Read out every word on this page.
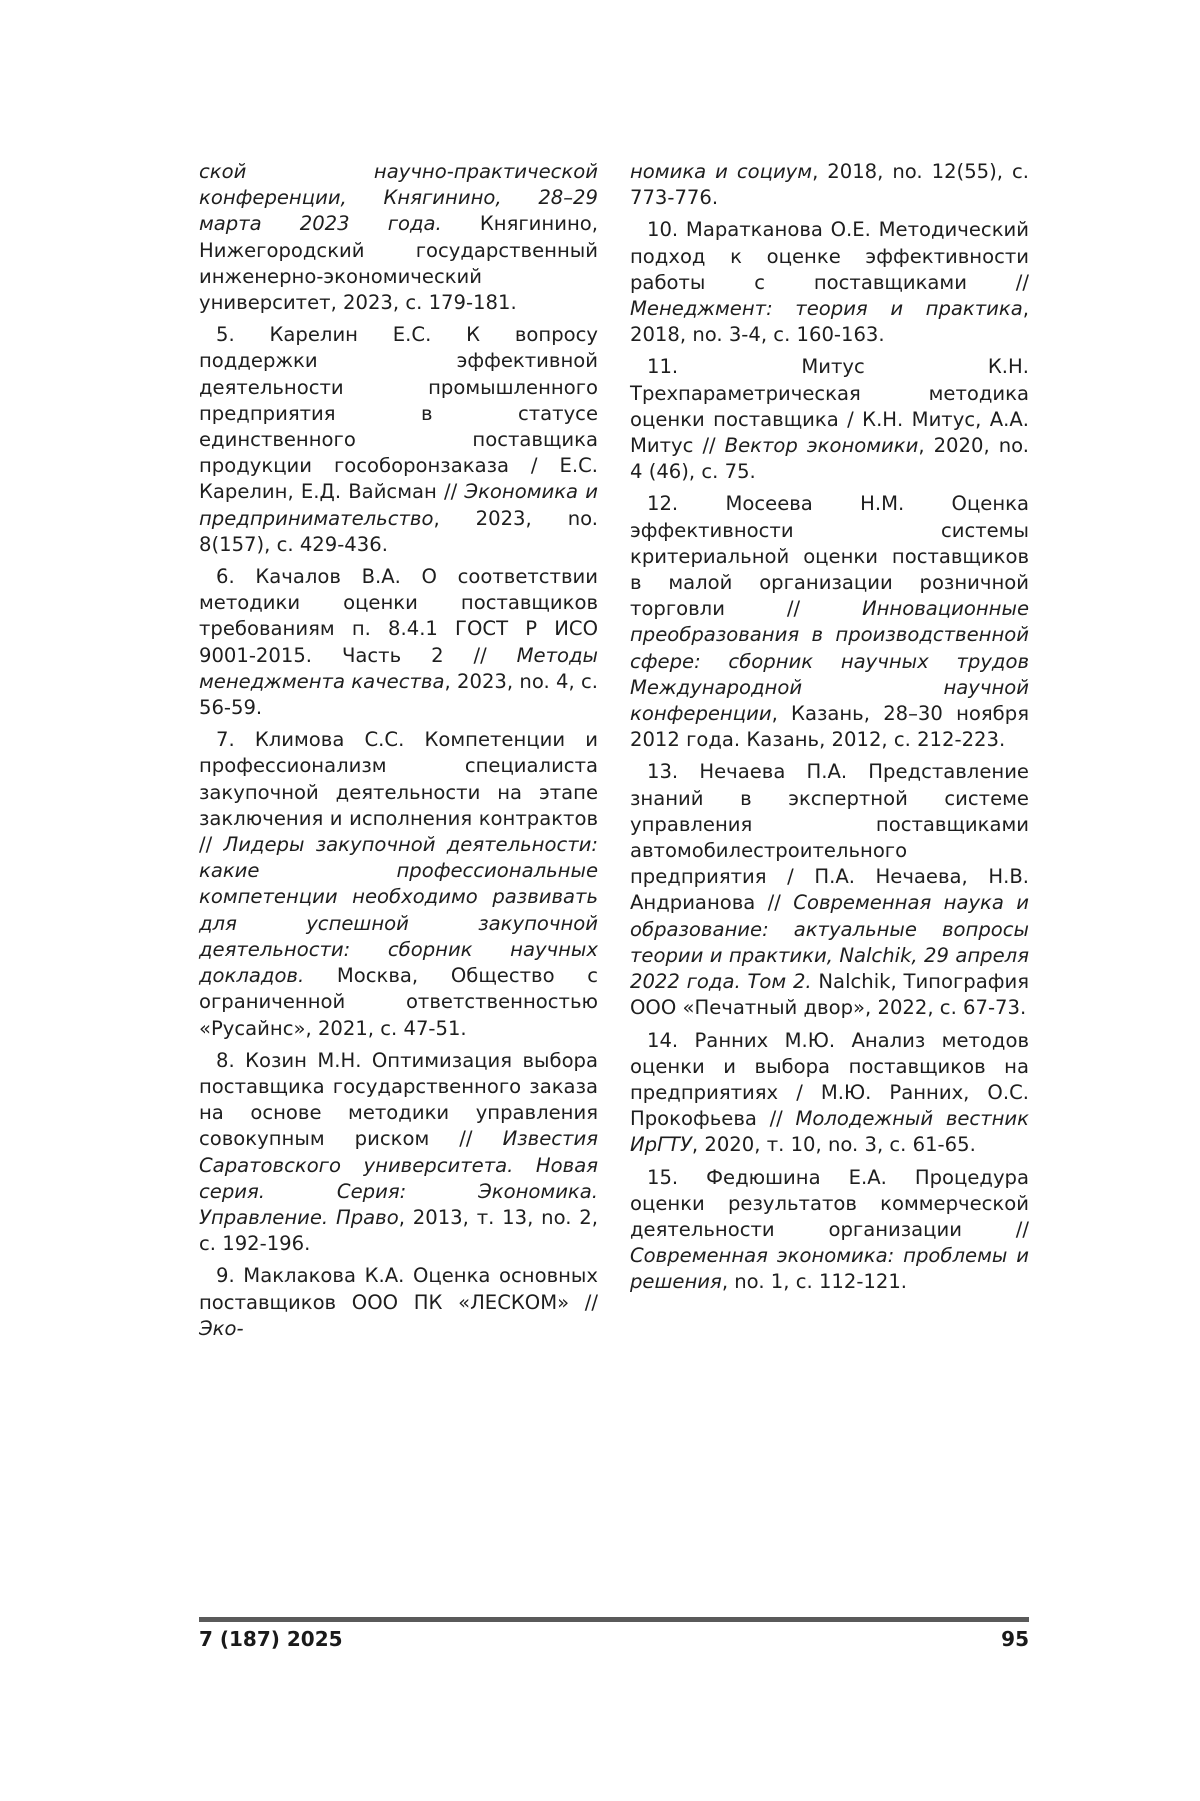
ской научно-практической конференции, Княгинино, 28–29 марта 2023 года. Княгинино, Нижегородский государственный инженерно-экономический университет, 2023, с. 179-181.

5. Карелин Е.С. К вопросу поддержки эффективной деятельности промышленного предприятия в статусе единственного поставщика продукции гособоронзаказа / Е.С. Карелин, Е.Д. Вайсман // Экономика и предпринимательство, 2023, no. 8(157), с. 429-436.

6. Качалов В.А. О соответствии методики оценки поставщиков требованиям п. 8.4.1 ГОСТ Р ИСО 9001-2015. Часть 2 // Методы менеджмента качества, 2023, no. 4, с. 56-59.

7. Климова С.С. Компетенции и профессионализм специалиста закупочной деятельности на этапе заключения и исполнения контрактов // Лидеры закупочной деятельности: какие профессиональные компетенции необходимо развивать для успешной закупочной деятельности: сборник научных докладов. Москва, Общество с ограниченной ответственностью «Русайнс», 2021, с. 47-51.

8. Козин М.Н. Оптимизация выбора поставщика государственного заказа на основе методики управления совокупным риском // Известия Саратовского университета. Новая серия. Серия: Экономика. Управление. Право, 2013, т. 13, no. 2, с. 192-196.

9. Маклакова К.А. Оценка основных поставщиков ООО ПК «ЛЕСКОМ» // Эко-

номика и социум, 2018, no. 12(55), с. 773-776.

10. Маратканова О.Е. Методический подход к оценке эффективности работы с поставщиками // Менеджмент: теория и практика, 2018, no. 3-4, с. 160-163.

11. Митус К.Н. Трехпараметрическая методика оценки поставщика / К.Н. Митус, А.А. Митус // Вектор экономики, 2020, no. 4 (46), с. 75.

12. Мосеева Н.М. Оценка эффективности системы критериальной оценки поставщиков в малой организации розничной торговли // Инновационные преобразования в производственной сфере: сборник научных трудов Международной научной конференции, Казань, 28–30 ноября 2012 года. Казань, 2012, с. 212-223.

13. Нечаева П.А. Представление знаний в экспертной системе управления поставщиками автомобилестроительного предприятия / П.А. Нечаева, Н.В. Андрианова // Современная наука и образование: актуальные вопросы теории и практики, Nalchik, 29 апреля 2022 года. Том 2. Nalchik, Типография ООО «Печатный двор», 2022, с. 67-73.

14. Ранних М.Ю. Анализ методов оценки и выбора поставщиков на предприятиях / М.Ю. Ранних, О.С. Прокофьева // Молодежный вестник ИрГТУ, 2020, т. 10, no. 3, с. 61-65.

15. Федюшина Е.А. Процедура оценки результатов коммерческой деятельности организации // Современная экономика: проблемы и решения, no. 1, с. 112-121.

7 (187) 2025	95
